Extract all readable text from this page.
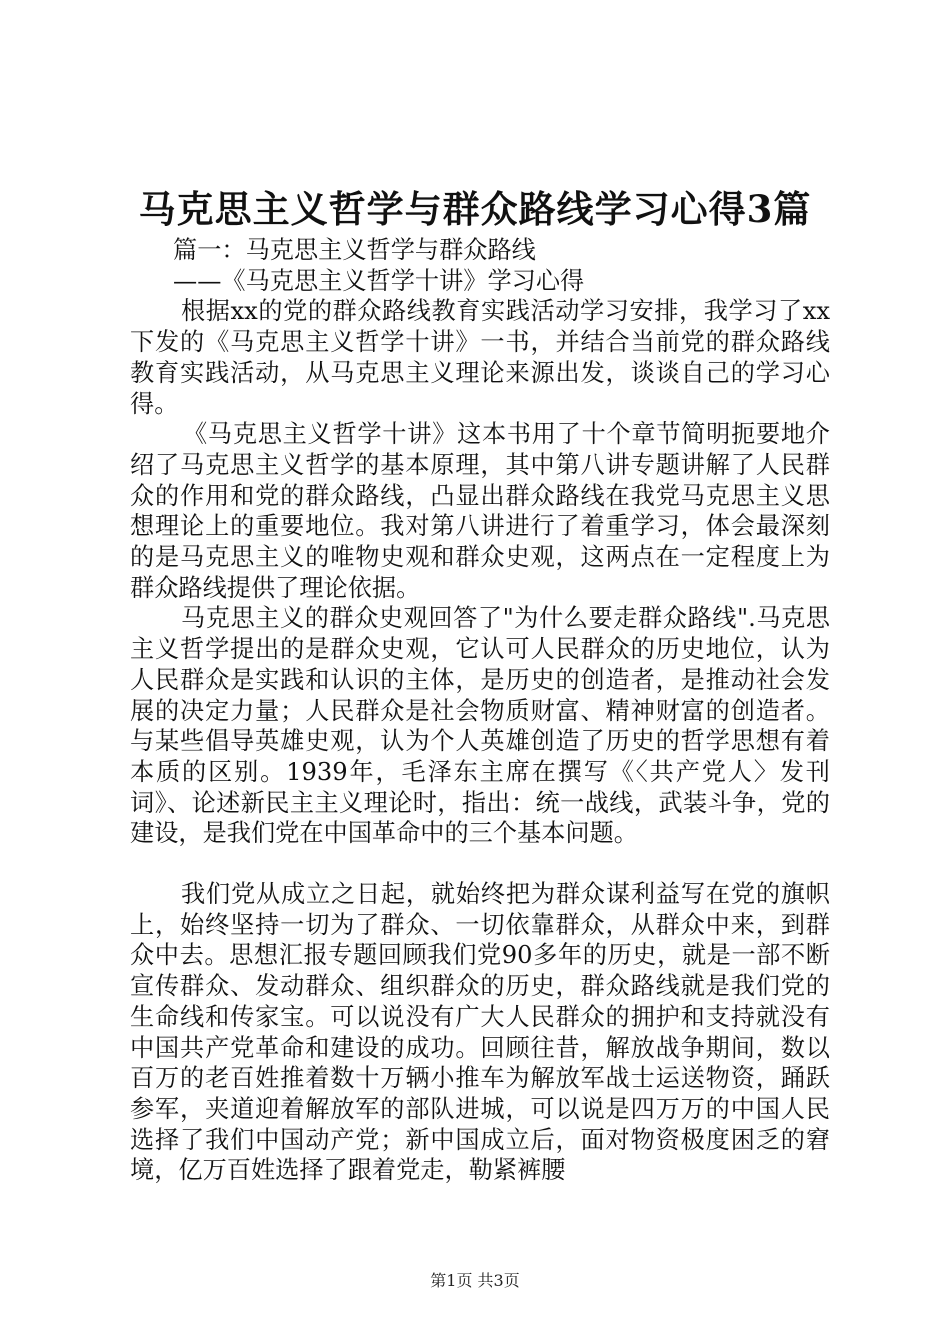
马克思主义哲学与群众路线学习心得3篇

篇一：马克思主义哲学与群众路线

——《马克思主义哲学十讲》学习心得

根据xx的党的群众路线教育实践活动学习安排，我学习了xx下发的《马克思主义哲学十讲》一书，并结合当前党的群众路线教育实践活动，从马克思主义理论来源出发，谈谈自己的学习心得。

《马克思主义哲学十讲》这本书用了十个章节简明扼要地介绍了马克思主义哲学的基本原理，其中第八讲专题讲解了人民群众的作用和党的群众路线，凸显出群众路线在我党马克思主义思想理论上的重要地位。我对第八讲进行了着重学习，体会最深刻的是马克思主义的唯物史观和群众史观，这两点在一定程度上为群众路线提供了理论依据。

马克思主义的群众史观回答了"为什么要走群众路线".马克思主义哲学提出的是群众史观，它认可人民群众的历史地位，认为人民群众是实践和认识的主体，是历史的创造者，是推动社会发展的决定力量；人民群众是社会物质财富、精神财富的创造者。与某些倡导英雄史观，认为个人英雄创造了历史的哲学思想有着本质的区别。1939年，毛泽东主席在撰写《〈共产党人〉发刊词》、论述新民主主义理论时，指出：统一战线，武装斗争，党的建设，是我们党在中国革命中的三个基本问题。

我们党从成立之日起，就始终把为群众谋利益写在党的旗帜上，始终坚持一切为了群众、一切依靠群众，从群众中来，到群众中去。思想汇报专题回顾我们党90多年的历史，就是一部不断宣传群众、发动群众、组织群众的历史，群众路线就是我们党的生命线和传家宝。可以说没有广大人民群众的拥护和支持就没有中国共产党革命和建设的成功。回顾往昔，解放战争期间，数以百万的老百姓推着数十万辆小推车为解放军战士运送物资，踊跃参军，夹道迎着解放军的部队进城，可以说是四万万的中国人民选择了我们中国动产党；新中国成立后，面对物资极度困乏的窘境，亿万百姓选择了跟着党走，勒紧裤腰

第1页 共3页
